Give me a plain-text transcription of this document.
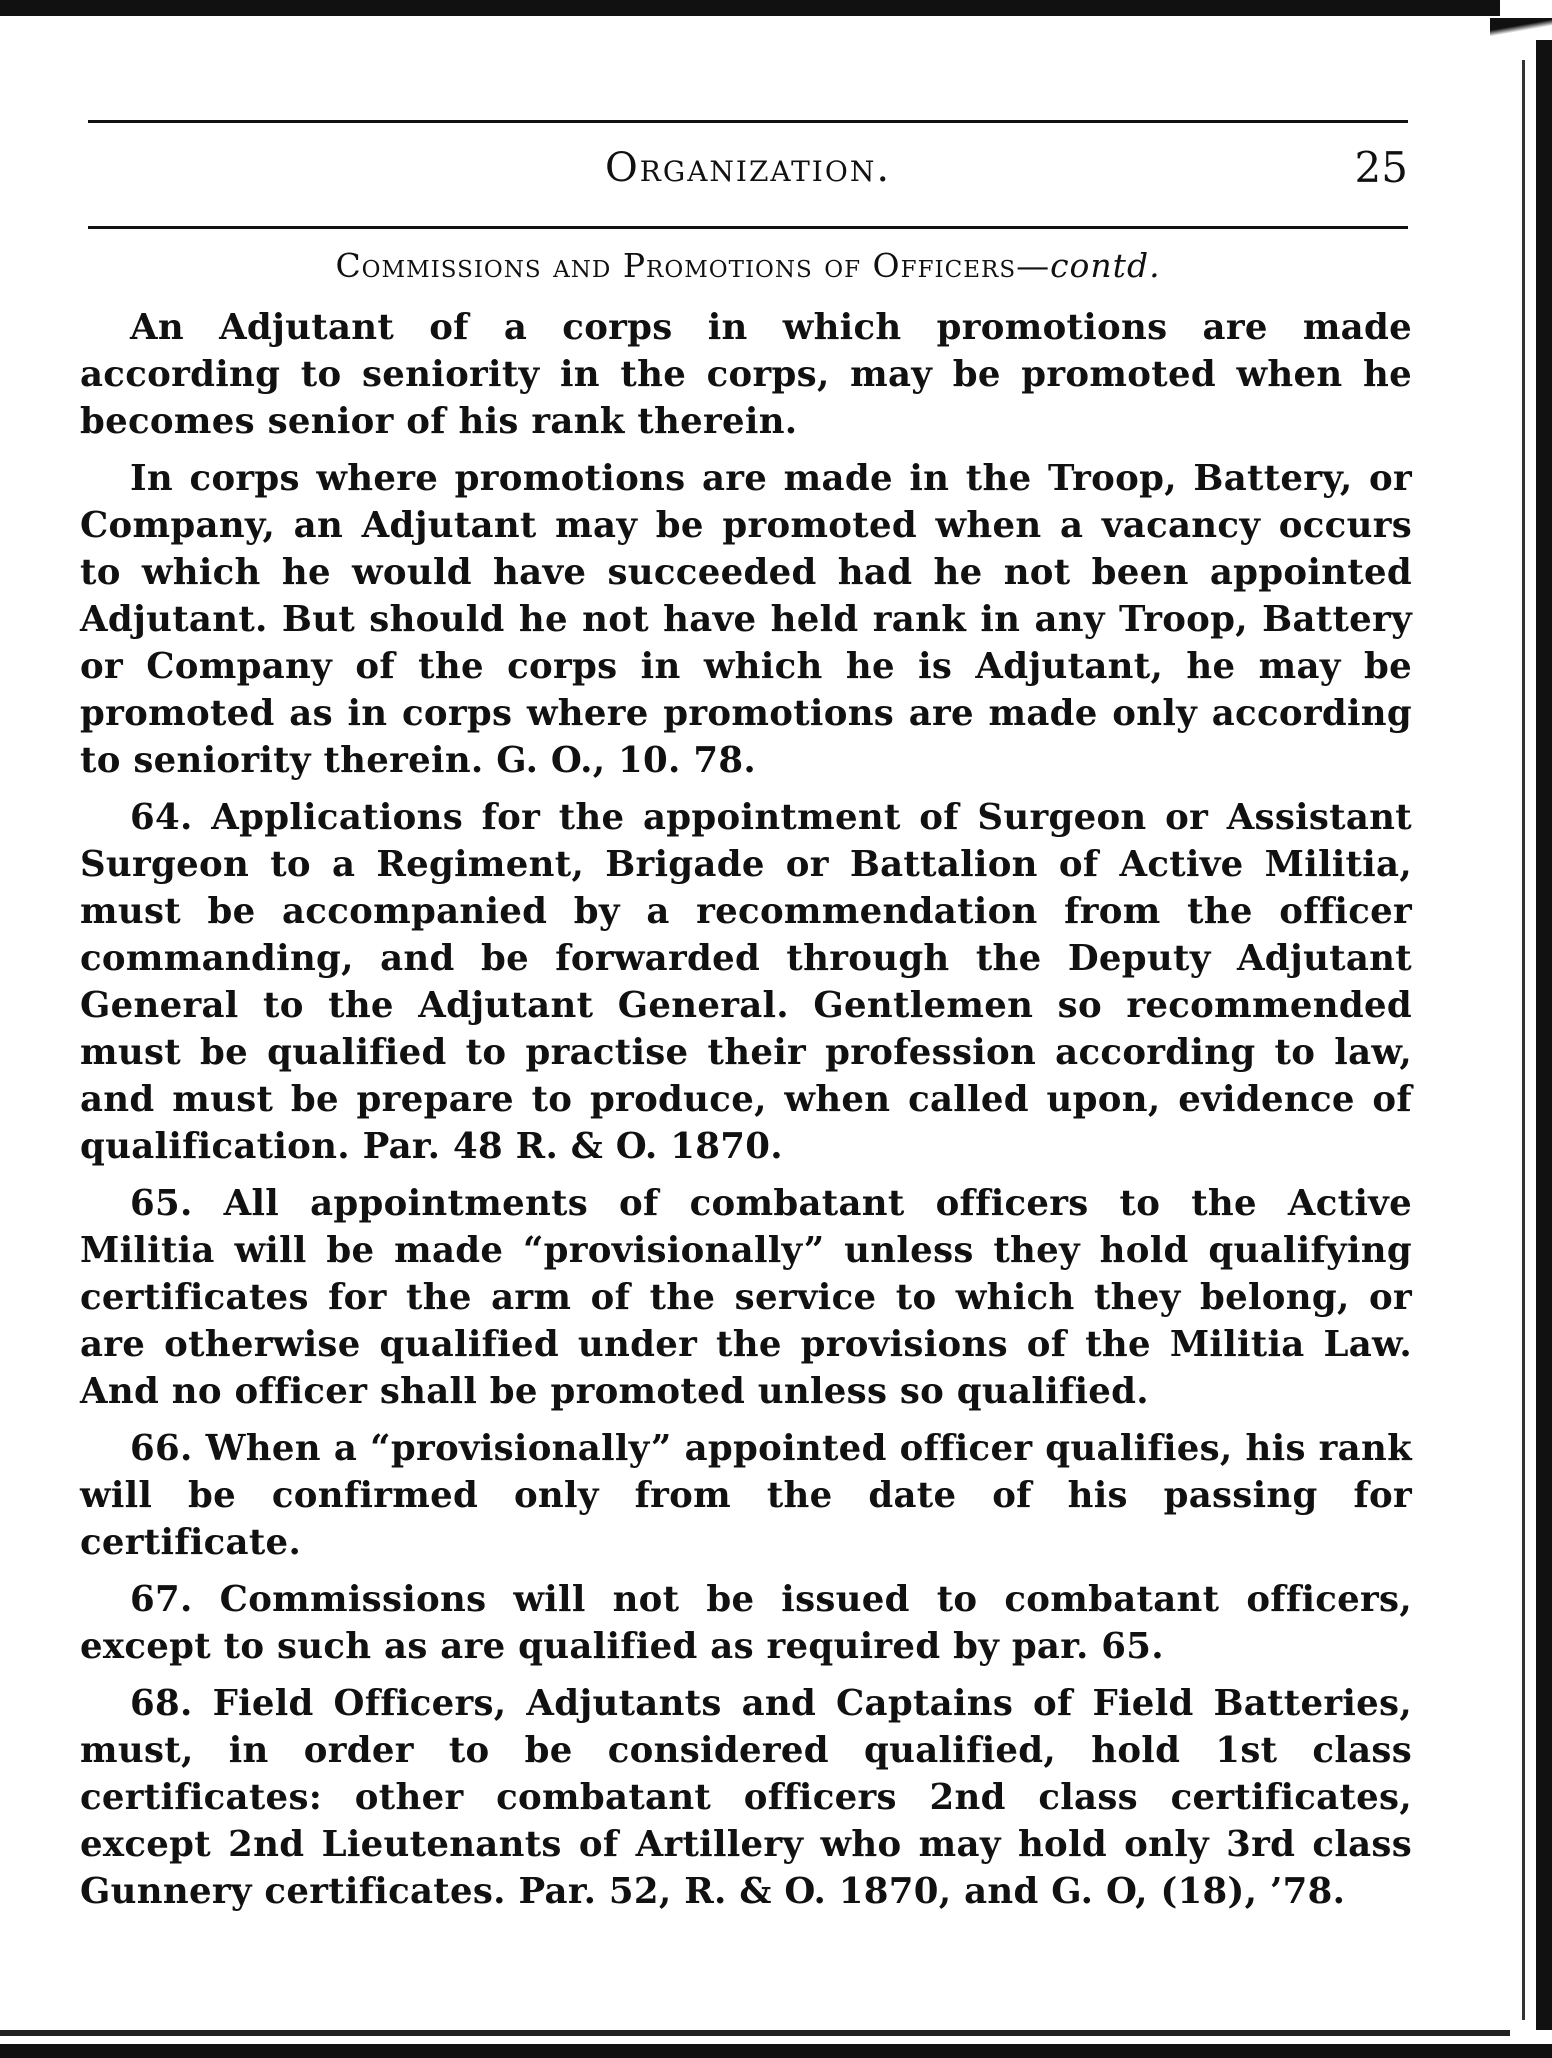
Organization.	25
Commissions and Promotions of Officers—contd.

An Adjutant of a corps in which promotions are made according to seniority in the corps, may be promoted when he becomes senior of his rank therein.

In corps where promotions are made in the Troop, Battery, or Company, an Adjutant may be promoted when a vacancy occurs to which he would have succeeded had he not been appointed Adjutant. But should he not have held rank in any Troop, Battery or Company of the corps in which he is Adjutant, he may be promoted as in corps where promotions are made only according to seniority therein. G. O., 10. 78.

64. Applications for the appointment of Surgeon or Assistant Surgeon to a Regiment, Brigade or Battalion of Active Militia, must be accompanied by a recommendation from the officer commanding, and be forwarded through the Deputy Adjutant General to the Adjutant General. Gentlemen so recommended must be qualified to practise their profession according to law, and must be prepare to produce, when called upon, evidence of qualification. Par. 48 R. & O. 1870.

65. All appointments of combatant officers to the Active Militia will be made “provisionally” unless they hold qualifying certificates for the arm of the service to which they belong, or are otherwise qualified under the provisions of the Militia Law. And no officer shall be promoted unless so qualified.

66. When a “provisionally” appointed officer qualifies, his rank will be confirmed only from the date of his passing for certificate.

67. Commissions will not be issued to combatant officers, except to such as are qualified as required by par. 65.

68. Field Officers, Adjutants and Captains of Field Batteries, must, in order to be considered qualified, hold 1st class certificates: other combatant officers 2nd class certificates, except 2nd Lieutenants of Artillery who may hold only 3rd class Gunnery certificates. Par. 52, R. & O. 1870, and G. O, (18), ’78.
